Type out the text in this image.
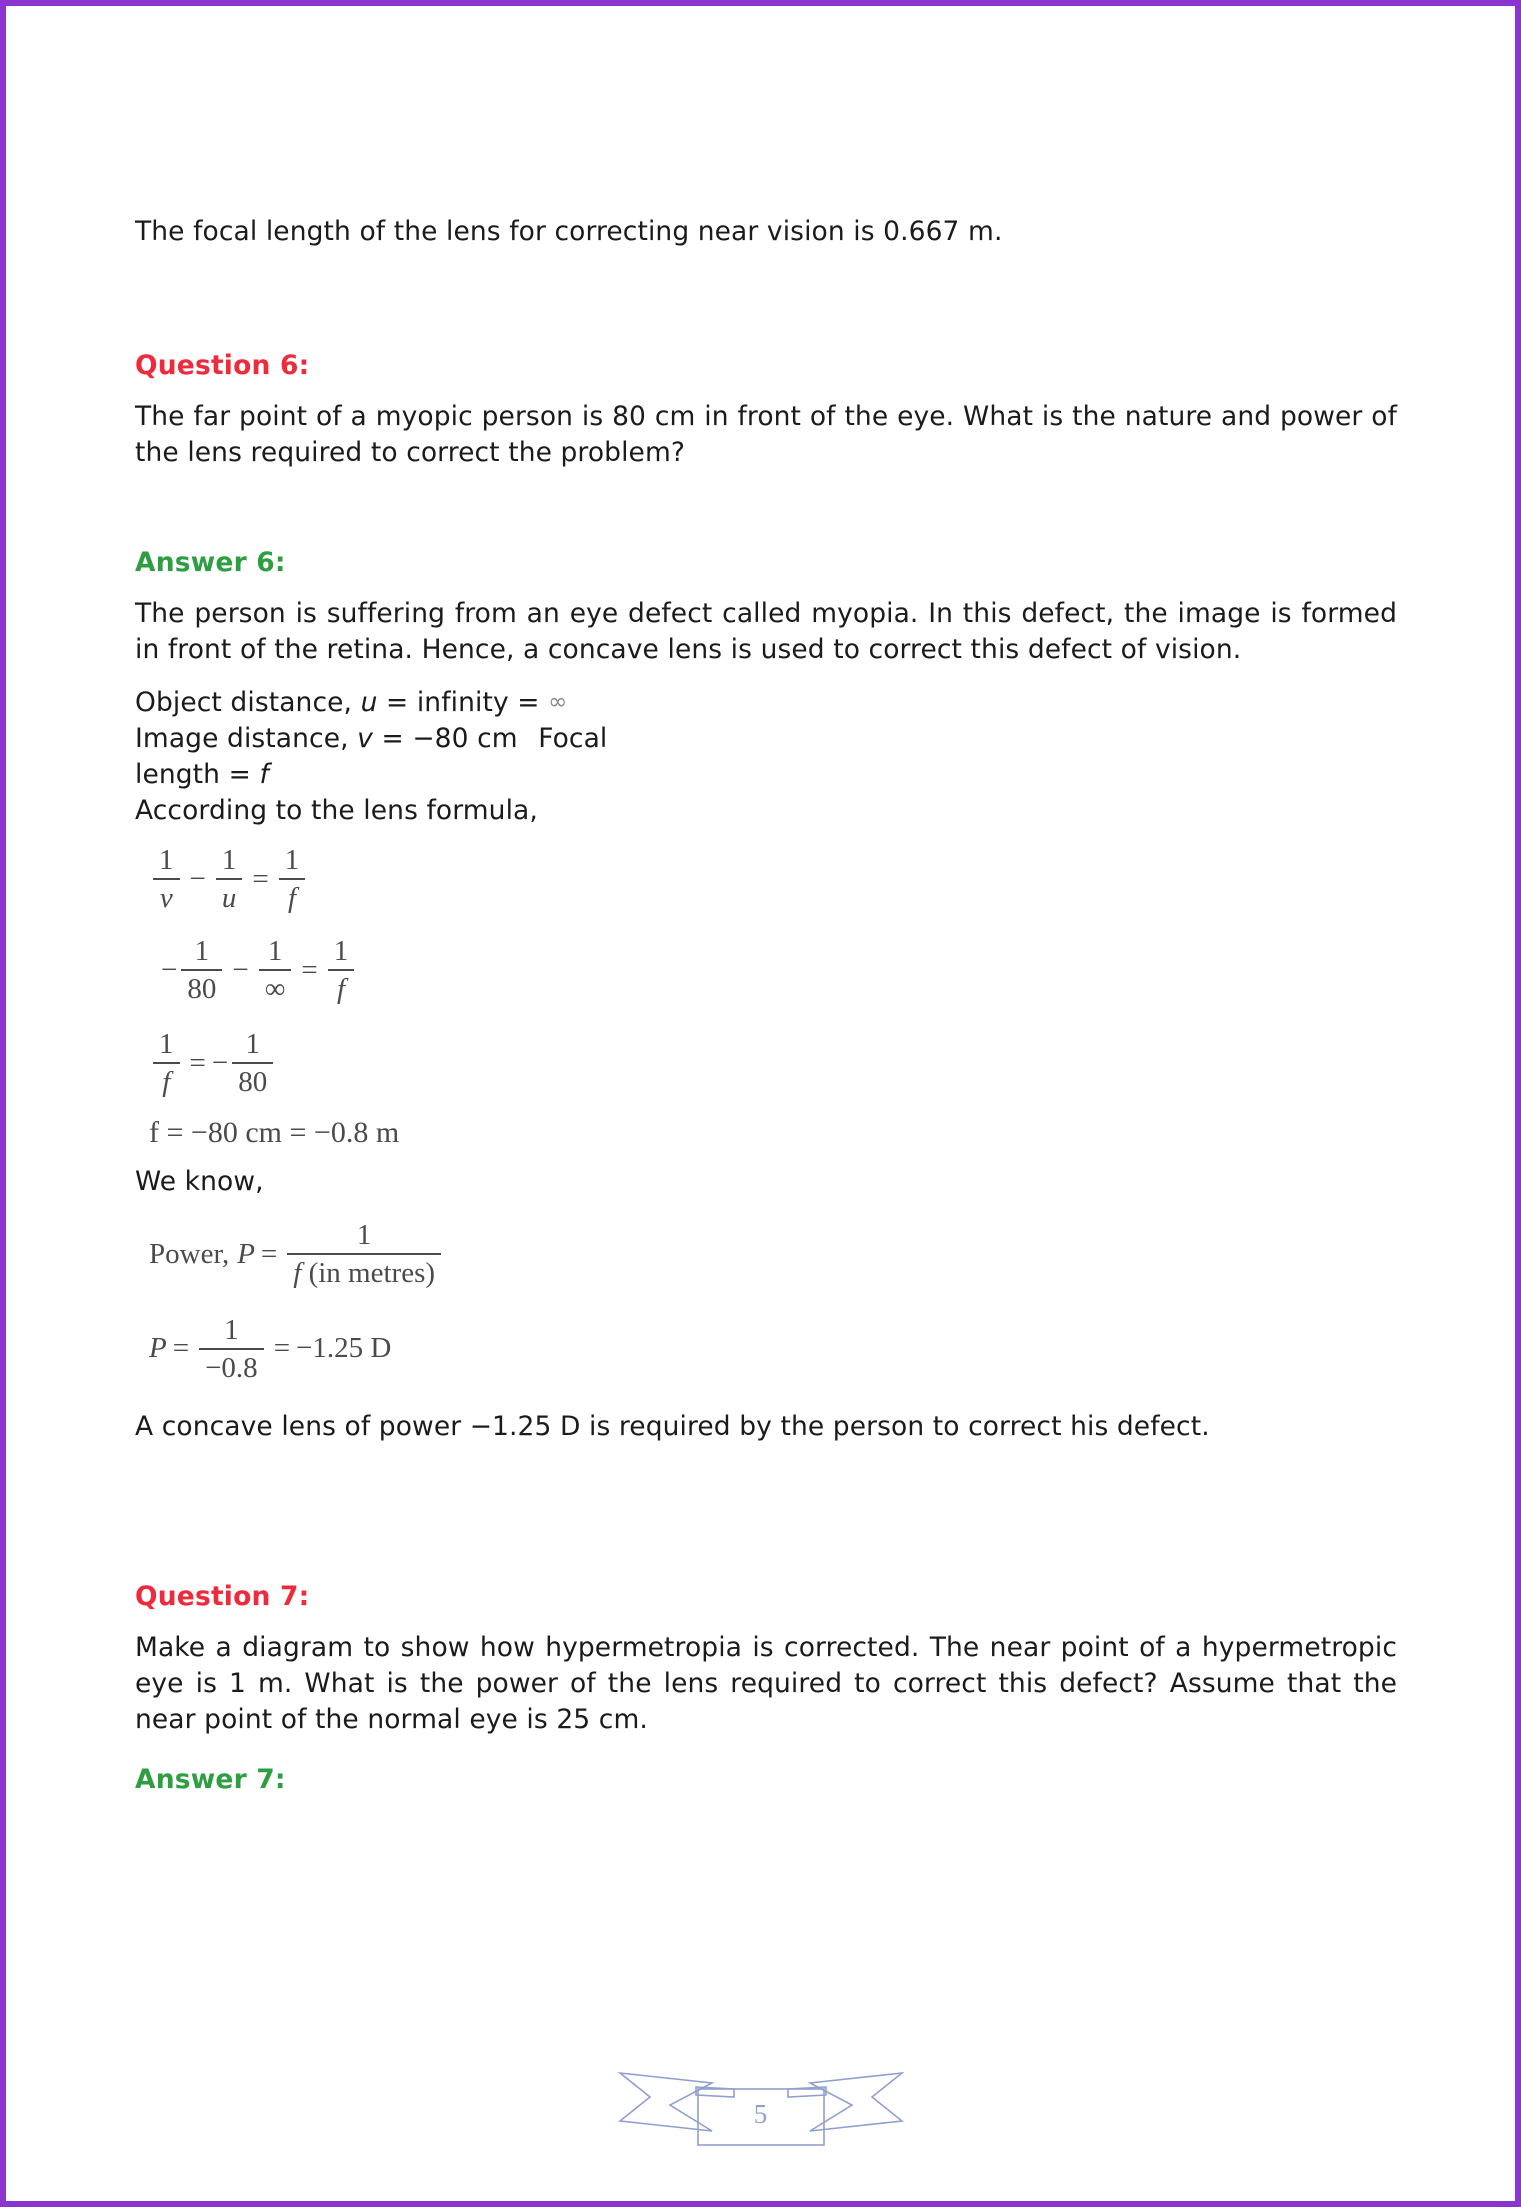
The focal length of the lens for correcting near vision is 0.667 m.
Question 6:
The far point of a myopic person is 80 cm in front of the eye. What is the nature and power of the lens required to correct the problem?
Answer 6:
The person is suffering from an eye defect called myopia. In this defect, the image is formed in front of the retina. Hence, a concave lens is used to correct this defect of vision.
Object distance, u = infinity = ∞
Image distance, v = −80 cm Focal
length = f
According to the lens formula,
$\frac{1}{v} - \frac{1}{u} = \frac{1}{f}$
− $\frac{1}{80} - \frac{1}{\infty} = \frac{1}{f}$
$\frac{1}{f}$ = − $\frac{1}{80}$
f = −80 cm = −0.8 m
We know,
Power, $P = \frac{1}{\text{f (in metres)}}$
$P = \frac{1}{-0.8} = -1.25$ D
A concave lens of power −1.25 D is required by the person to correct his defect.
Question 7:
Make a diagram to show how hypermetropia is corrected. The near point of a hypermetropic eye is 1 m. What is the power of the lens required to correct this defect? Assume that the near point of the normal eye is 25 cm.
Answer 7:
5
